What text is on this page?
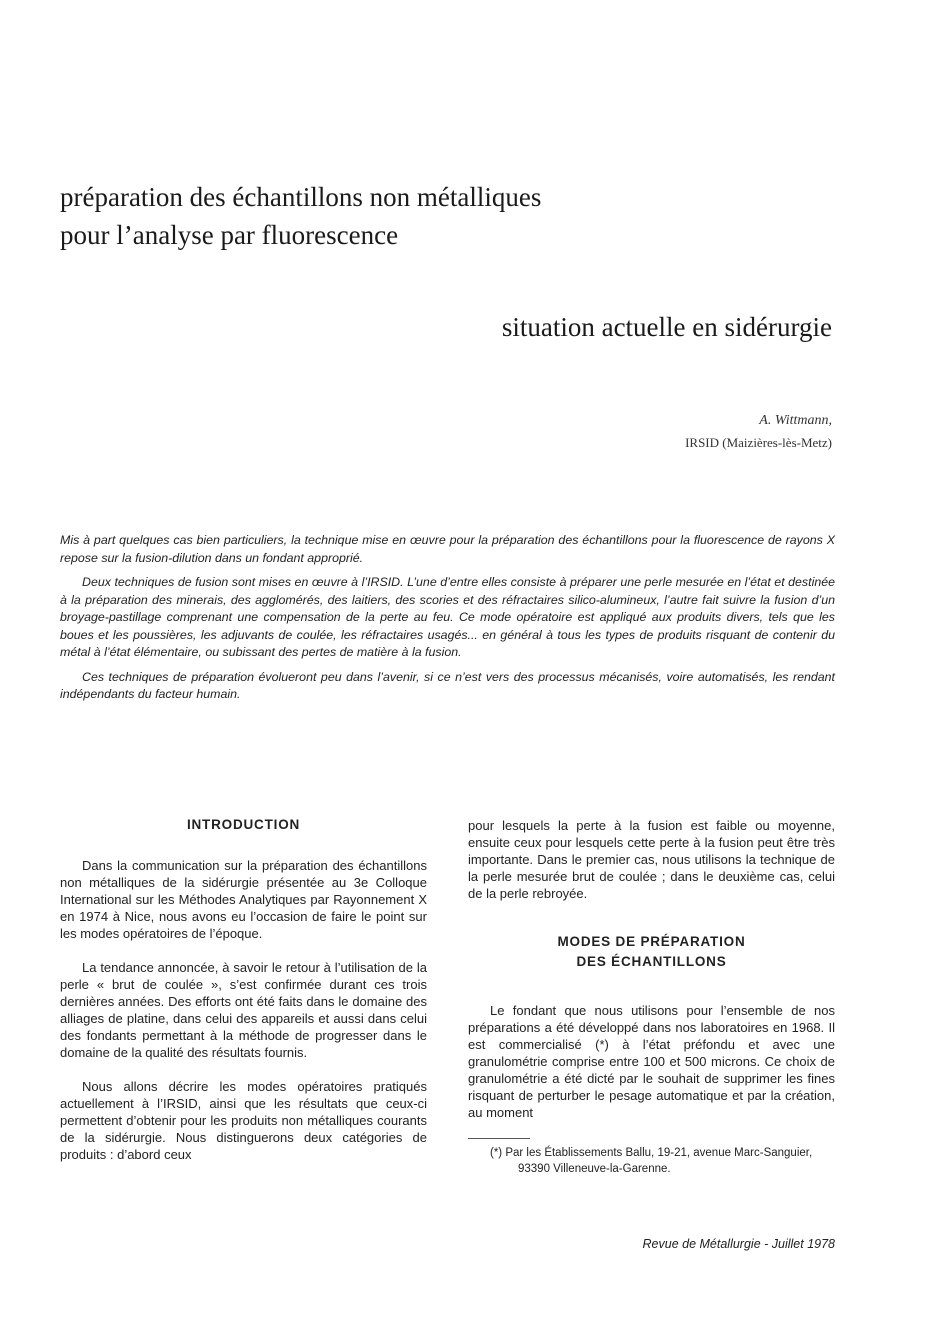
préparation des échantillons non métalliques
pour l’analyse par fluorescence
situation actuelle en sidérurgie
A. Wittmann,
IRSID (Maizières-lès-Metz)

Mis à part quelques cas bien particuliers, la technique mise en œuvre pour la préparation des échantillons pour la fluorescence de rayons X repose sur la fusion-dilution dans un fondant approprié.

Deux techniques de fusion sont mises en œuvre à l’IRSID. L’une d’entre elles consiste à préparer une perle mesurée en l’état et destinée à la préparation des minerais, des agglomérés, des laitiers, des scories et des réfractaires silico-alumineux, l’autre fait suivre la fusion d’un broyage-pastillage comprenant une compensation de la perte au feu. Ce mode opératoire est appliqué aux produits divers, tels que les boues et les poussières, les adjuvants de coulée, les réfractaires usagés... en général à tous les types de produits risquant de contenir du métal à l’état élémentaire, ou subissant des pertes de matière à la fusion.

Ces techniques de préparation évolueront peu dans l’avenir, si ce n’est vers des processus mécanisés, voire automatisés, les rendant indépendants du facteur humain.

INTRODUCTION

Dans la communication sur la préparation des échantillons non métalliques de la sidérurgie présentée au 3e Colloque International sur les Méthodes Analytiques par Rayonnement X en 1974 à Nice, nous avons eu l’occasion de faire le point sur les modes opératoires de l’époque.

La tendance annoncée, à savoir le retour à l’utilisation de la perle « brut de coulée », s’est confirmée durant ces trois dernières années. Des efforts ont été faits dans le domaine des alliages de platine, dans celui des appareils et aussi dans celui des fondants permettant à la méthode de progresser dans le domaine de la qualité des résultats fournis.

Nous allons décrire les modes opératoires pratiqués actuellement à l’IRSID, ainsi que les résultats que ceux-ci permettent d’obtenir pour les produits non métalliques courants de la sidérurgie. Nous distinguerons deux catégories de produits : d’abord ceux

pour lesquels la perte à la fusion est faible ou moyenne, ensuite ceux pour lesquels cette perte à la fusion peut être très importante. Dans le premier cas, nous utilisons la technique de la perle mesurée brut de coulée ; dans le deuxième cas, celui de la perle rebroyée.

MODES DE PRÉPARATION
DES ÉCHANTILLONS

Le fondant que nous utilisons pour l’ensemble de nos préparations a été développé dans nos laboratoires en 1968. Il est commercialisé (*) à l’état préfondu et avec une granulométrie comprise entre 100 et 500 microns. Ce choix de granulométrie a été dicté par le souhait de supprimer les fines risquant de perturber le pesage automatique et par la création, au moment

(*) Par les Établissements Ballu, 19-21, avenue Marc-Sanguier,
93390 Villeneuve-la-Garenne.

Revue de Métallurgie - Juillet 1978
